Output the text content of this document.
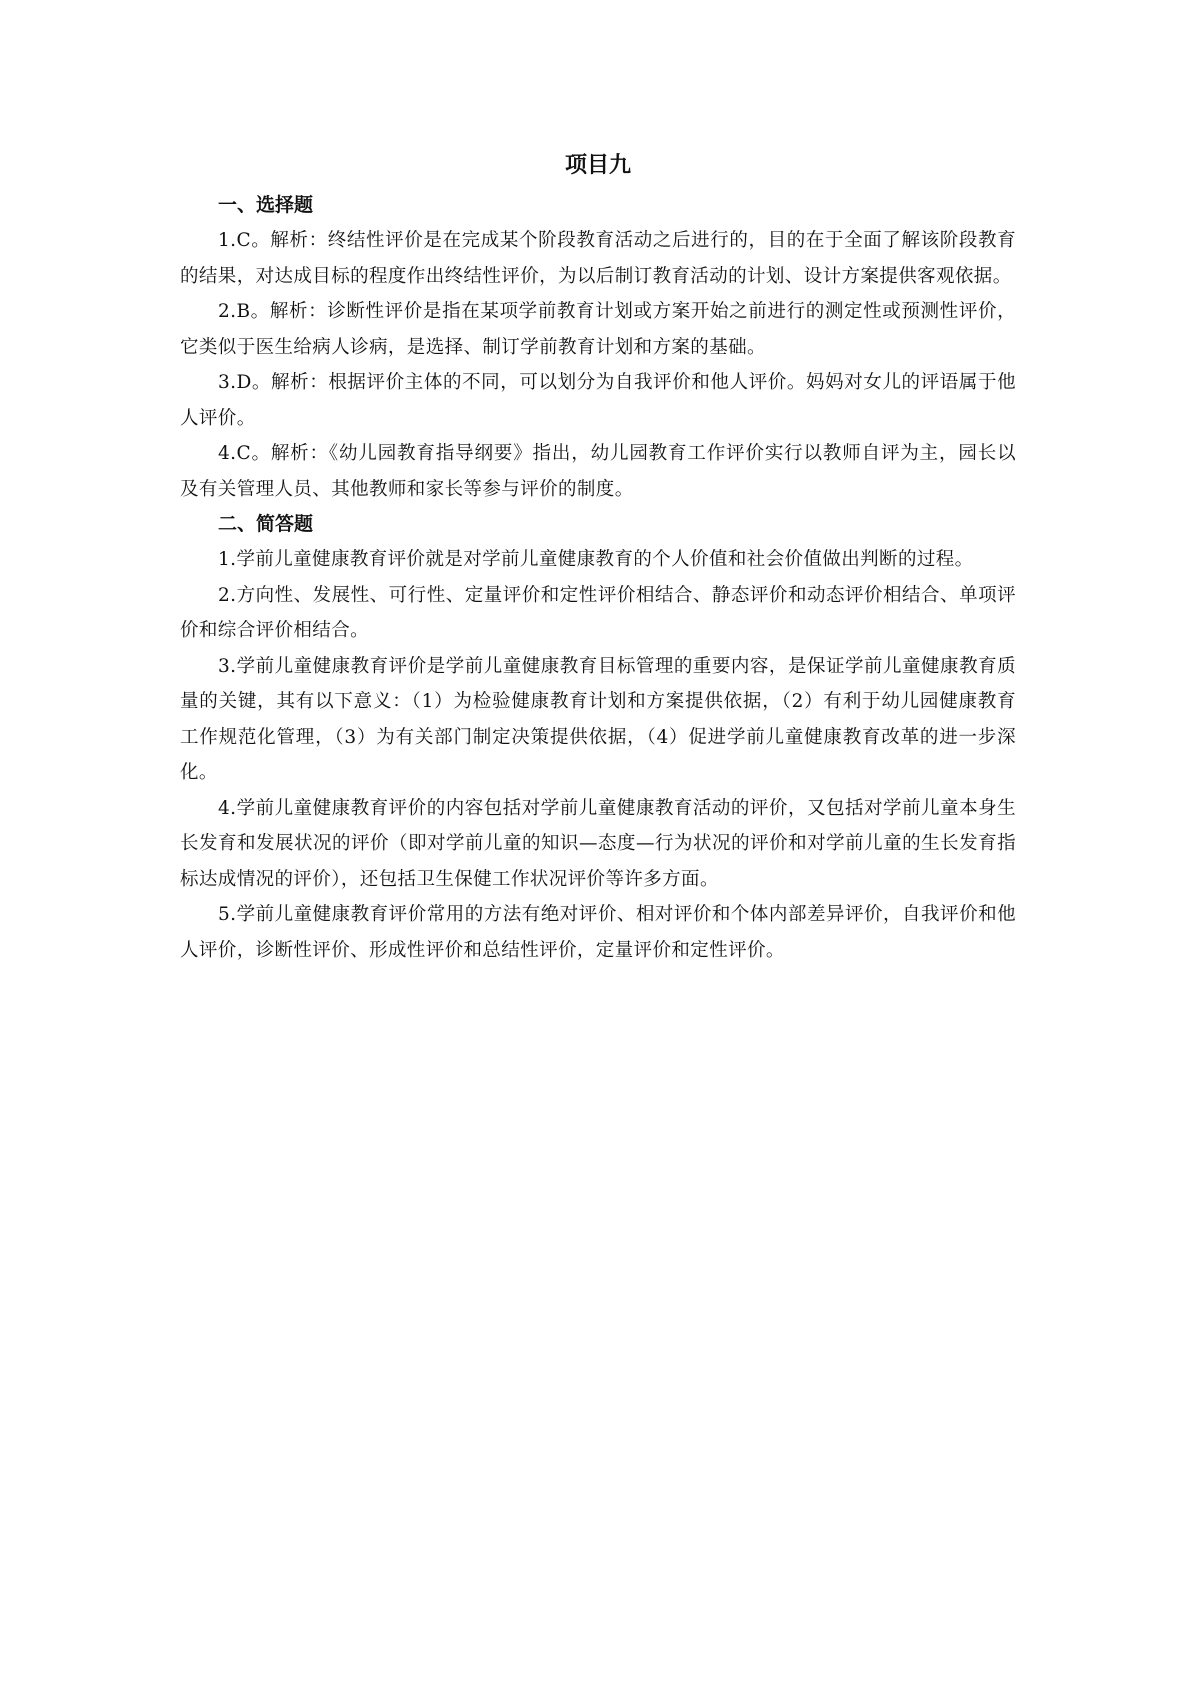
项目九

一、选择题

1.C。解析：终结性评价是在完成某个阶段教育活动之后进行的，目的在于全面了解该阶段教育的结果，对达成目标的程度作出终结性评价，为以后制订教育活动的计划、设计方案提供客观依据。

2.B。解析：诊断性评价是指在某项学前教育计划或方案开始之前进行的测定性或预测性评价，它类似于医生给病人诊病，是选择、制订学前教育计划和方案的基础。

3.D。解析：根据评价主体的不同，可以划分为自我评价和他人评价。妈妈对女儿的评语属于他人评价。

4.C。解析：《幼儿园教育指导纲要》指出，幼儿园教育工作评价实行以教师自评为主，园长以及有关管理人员、其他教师和家长等参与评价的制度。

二、简答题

1.学前儿童健康教育评价就是对学前儿童健康教育的个人价值和社会价值做出判断的过程。

2.方向性、发展性、可行性、定量评价和定性评价相结合、静态评价和动态评价相结合、单项评价和综合评价相结合。

3.学前儿童健康教育评价是学前儿童健康教育目标管理的重要内容，是保证学前儿童健康教育质量的关键，其有以下意义：（1）为检验健康教育计划和方案提供依据，（2）有利于幼儿园健康教育工作规范化管理，（3）为有关部门制定决策提供依据，（4）促进学前儿童健康教育改革的进一步深化。

4.学前儿童健康教育评价的内容包括对学前儿童健康教育活动的评价，又包括对学前儿童本身生长发育和发展状况的评价（即对学前儿童的知识—态度—行为状况的评价和对学前儿童的生长发育指标达成情况的评价），还包括卫生保健工作状况评价等许多方面。

5.学前儿童健康教育评价常用的方法有绝对评价、相对评价和个体内部差异评价，自我评价和他人评价，诊断性评价、形成性评价和总结性评价，定量评价和定性评价。
